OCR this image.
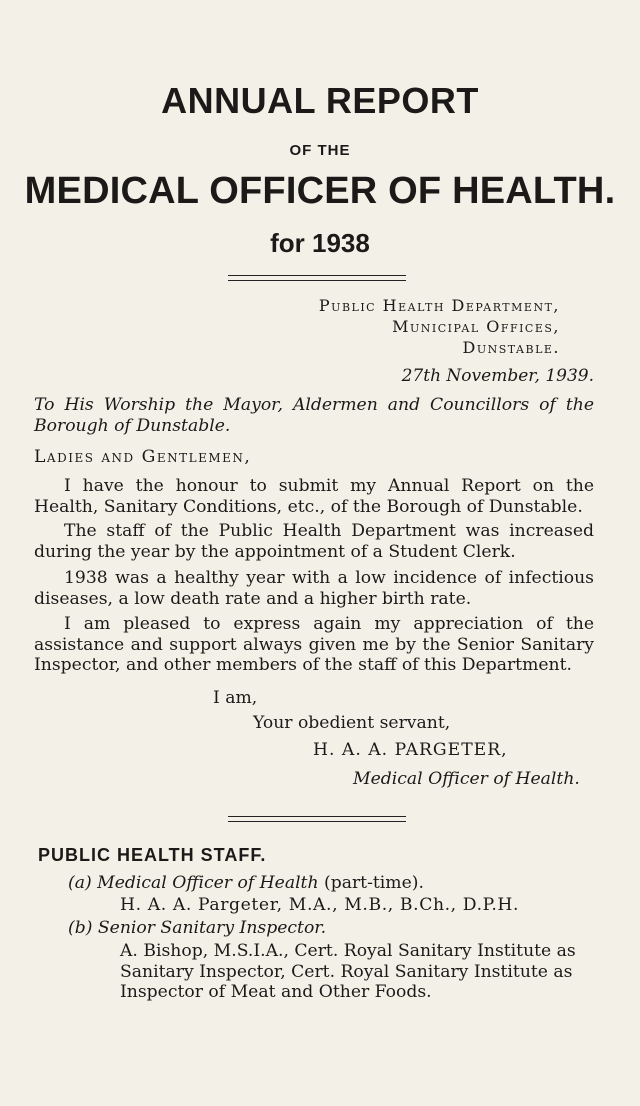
ANNUAL REPORT
OF THE
MEDICAL OFFICER OF HEALTH.
for 1938
Public Health Department,
Municipal Offices,
Dunstable.
27th November, 1939.
To His Worship the Mayor, Aldermen and Councillors of the Borough of Dunstable.
Ladies and Gentlemen,
I have the honour to submit my Annual Report on the Health, Sanitary Conditions, etc., of the Borough of Dunstable.
The staff of the Public Health Department was increased during the year by the appointment of a Student Clerk.
1938 was a healthy year with a low incidence of infectious diseases, a low death rate and a higher birth rate.
I am pleased to express again my appreciation of the assistance and support always given me by the Senior Sanitary Inspector, and other members of the staff of this Department.
I am,
Your obedient servant,
H. A. A. PARGETER,
Medical Officer of Health.
PUBLIC HEALTH STAFF.
(a) Medical Officer of Health (part-time).
H. A. A. Pargeter, M.A., M.B., B.Ch., D.P.H.
(b) Senior Sanitary Inspector.
A. Bishop, M.S.I.A., Cert. Royal Sanitary Institute as
Sanitary Inspector, Cert. Royal Sanitary Institute as
Inspector of Meat and Other Foods.
